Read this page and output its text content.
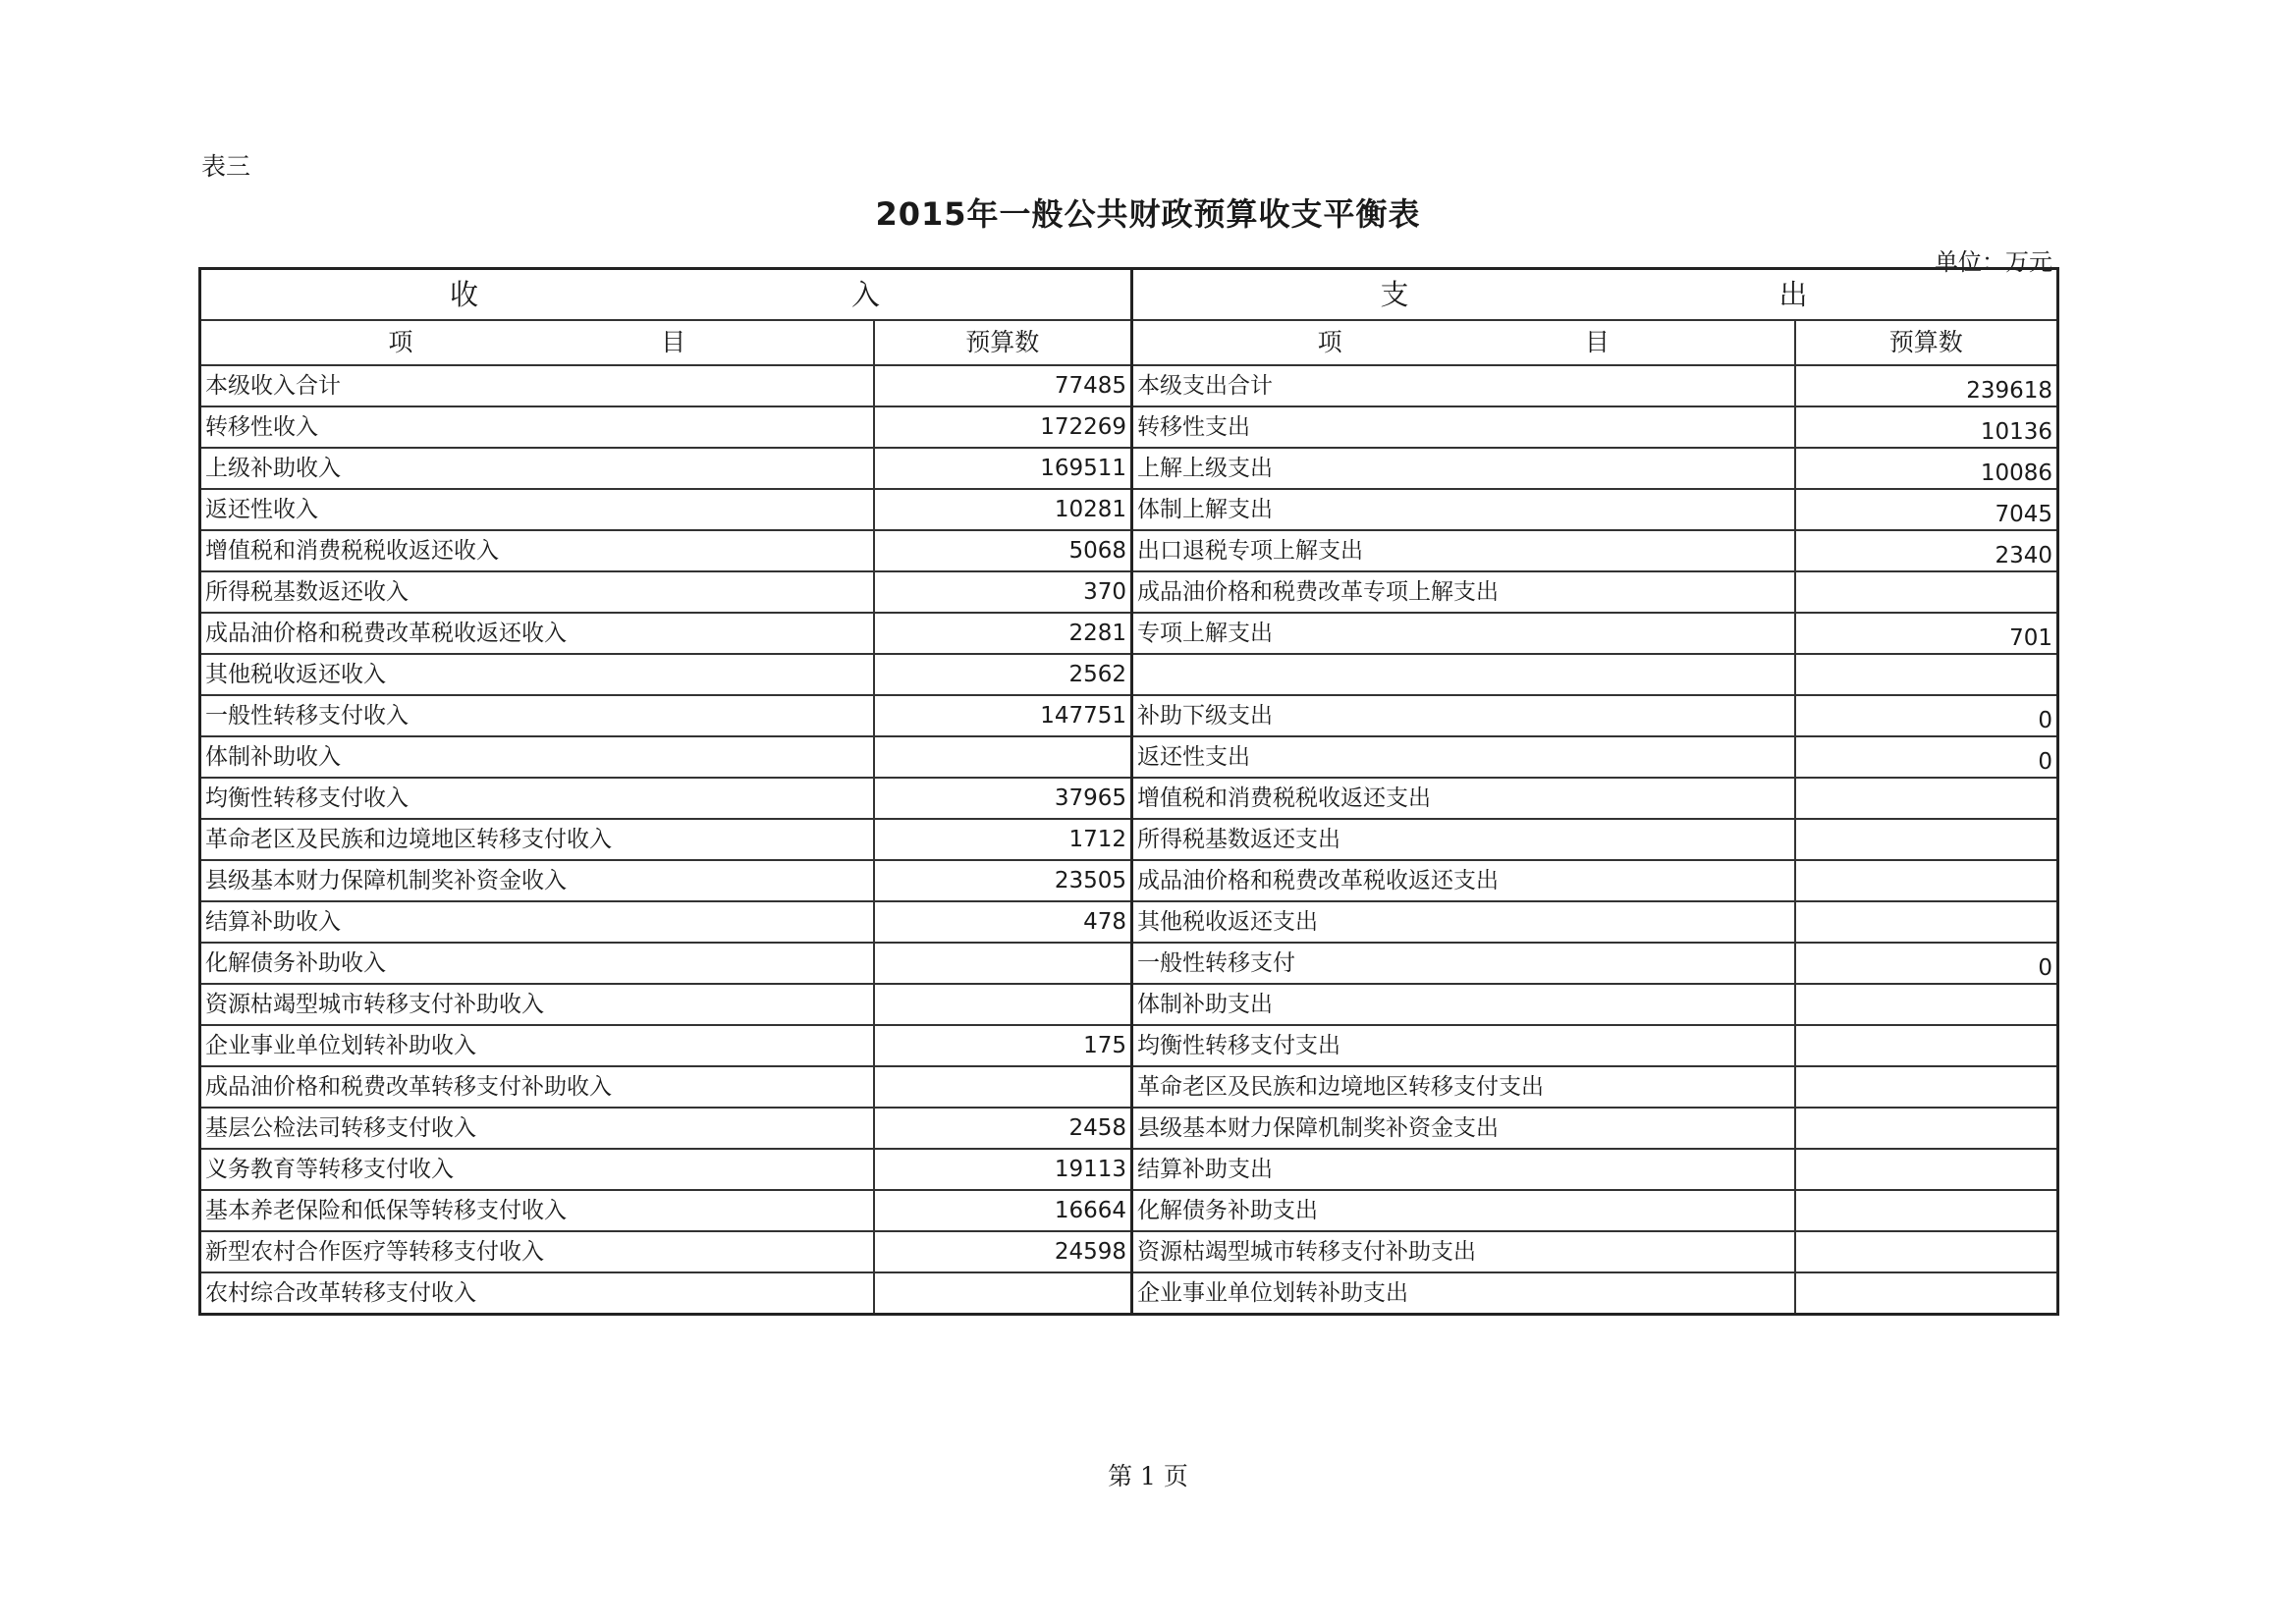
表三
2015年一般公共财政预算收支平衡表
单位：万元
收 入		支 出	

项 目	预算数	项 目	预算数
本级收入合计	77485	本级支出合计	239618
转移性收入	172269	转移性支出	10136
上级补助收入	169511	上解上级支出	10086
返还性收入	10281	体制上解支出	7045
增值税和消费税税收返还收入	5068	出口退税专项上解支出	2340
所得税基数返还收入	370	成品油价格和税费改革专项上解支出	
成品油价格和税费改革税收返还收入	2281	专项上解支出	701
其他税收返还收入	2562		
一般性转移支付收入	147751	补助下级支出	0
体制补助收入		返还性支出	0
均衡性转移支付收入	37965	增值税和消费税税收返还支出	
革命老区及民族和边境地区转移支付收入	1712	所得税基数返还支出	
县级基本财力保障机制奖补资金收入	23505	成品油价格和税费改革税收返还支出	
结算补助收入	478	其他税收返还支出	
化解债务补助收入		一般性转移支付	0
资源枯竭型城市转移支付补助收入		体制补助支出	
企业事业单位划转补助收入	175	均衡性转移支付支出	
成品油价格和税费改革转移支付补助收入		革命老区及民族和边境地区转移支付支出	
基层公检法司转移支付收入	2458	县级基本财力保障机制奖补资金支出	
义务教育等转移支付收入	19113	结算补助支出	
基本养老保险和低保等转移支付收入	16664	化解债务补助支出	
新型农村合作医疗等转移支付收入	24598	资源枯竭型城市转移支付补助支出	
农村综合改革转移支付收入		企业事业单位划转补助支出	
第 1 页
